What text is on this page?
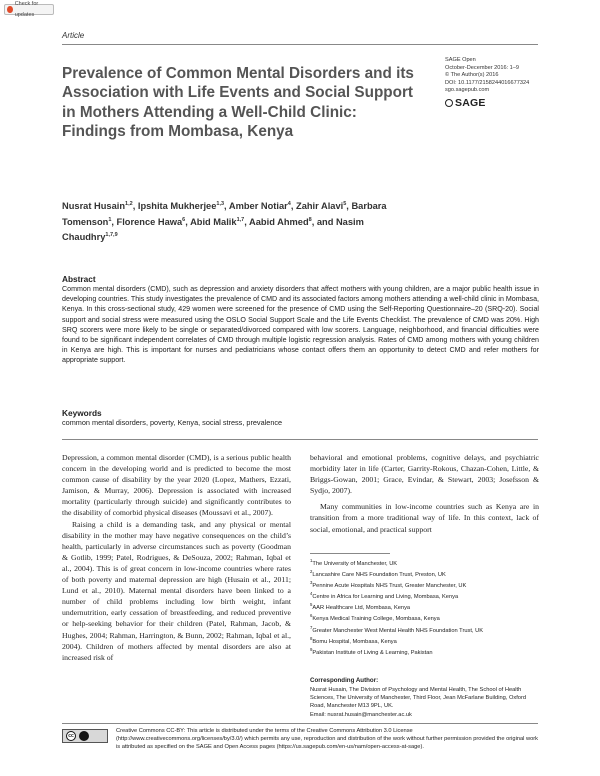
Check for updates
Article
Prevalence of Common Mental Disorders and its Association with Life Events and Social Support in Mothers Attending a Well-Child Clinic: Findings from Mombasa, Kenya
SAGE Open
October-December 2016: 1–9
© The Author(s) 2016
DOI: 10.1177/2158244016677324
sgo.sagepub.com
SAGE
Nusrat Husain$^{1,2}$, Ipshita Mukherjee$^{1,3}$, Amber Notiar$^4$, Zahir Alavi$^5$, Barbara Tomenson$^1$, Florence Hawa$^6$, Abid Malik$^{1,7}$, Aabid Ahmed$^8$, and Nasim Chaudhry$^{1,7,9}$
Abstract

Common mental disorders (CMD), such as depression and anxiety disorders that affect mothers with young children, are a major public health issue in developing countries. This study investigates the prevalence of CMD and its associated factors among mothers attending a well-child clinic in Mombasa, Kenya. In this cross-sectional study, 429 women were screened for the presence of CMD using the Self-Reporting Questionnaire–20 (SRQ-20). Social support and social stress were measured using the OSLO Social Support Scale and the Life Events Checklist. The prevalence of CMD was 20%. High SRQ scorers were more likely to be single or separated/divorced compared with low scorers. Language, neighborhood, and financial difficulties were found to be significant independent correlates of CMD through multiple logistic regression analysis. Rates of CMD among mothers with young children in Kenya are high. This is important for nurses and pediatricians whose contact offers them an opportunity to detect CMD and refer mothers for appropriate support.

Keywords
common mental disorders, poverty, Kenya, social stress, prevalence

Depression, a common mental disorder (CMD), is a serious public health concern in the developing world and is predicted to become the most common cause of disability by the year 2020 (Lopez, Mathers, Ezzati, Jamison, & Murray, 2006). Depression is associated with increased mortality (particularly through suicide) and significantly contributes to the disability of comorbid physical diseases (Moussavi et al., 2007).

Raising a child is a demanding task, and any physical or mental disability in the mother may have negative consequences on the child’s health, particularly in adverse circumstances such as poverty (Goodman & Gotlib, 1999; Patel, Rodrigues, & DeSouza, 2002; Rahman, Iqbal et al., 2004). This is of great concern in low-income countries where rates of both poverty and maternal depression are high (Husain et al., 2011; Lund et al., 2010). Maternal mental disorders have been linked to a number of child problems including low birth weight, infant undernutrition, early cessation of breastfeeding, and reduced preventive or help-seeking behavior for their children (Patel, Rahman, Jacob, & Hughes, 2004; Rahman, Harrington, & Bunn, 2002; Rahman, Iqbal et al., 2004). Children of mothers affected by mental disorders are also at increased risk of

behavioral and emotional problems, cognitive delays, and psychiatric morbidity later in life (Carter, Garrity-Rokous, Chazan-Cohen, Little, & Briggs-Gowan, 2001; Grace, Evindar, & Stewart, 2003; Josefsson & Sydjo, 2007).

Many communities in low-income countries such as Kenya are in transition from a more traditional way of life. In this context, lack of social, emotional, and practical support

$^1$The University of Manchester, UK
$^2$Lancashire Care NHS Foundation Trust, Preston, UK
$^3$Pennine Acute Hospitals NHS Trust, Greater Manchester, UK
$^4$Centre in Africa for Learning and Living, Mombasa, Kenya
$^5$AAR Healthcare Ltd, Mombasa, Kenya
$^6$Kenya Medical Training College, Mombasa, Kenya
$^7$Greater Manchester West Mental Health NHS Foundation Trust, UK
$^8$Bomu Hospital, Mombasa, Kenya
$^9$Pakistan Institute of Living & Learning, Pakistan
Corresponding Author:
Nusrat Husain, The Division of Psychology and Mental Health, The School of Health Sciences, The University of Manchester, Third Floor, Jean McFarlane Building, Oxford Road, Manchester M13 9PL, UK.
Email: nusrat.husain@manchester.ac.uk
cc
Creative Commons CC-BY: This article is distributed under the terms of the Creative Commons Attribution 3.0 License (http://www.creativecommons.org/licenses/by/3.0/) which permits any use, reproduction and distribution of the work without further permission provided the original work is attributed as specified on the SAGE and Open Access pages (https://us.sagepub.com/en-us/nam/open-access-at-sage).
